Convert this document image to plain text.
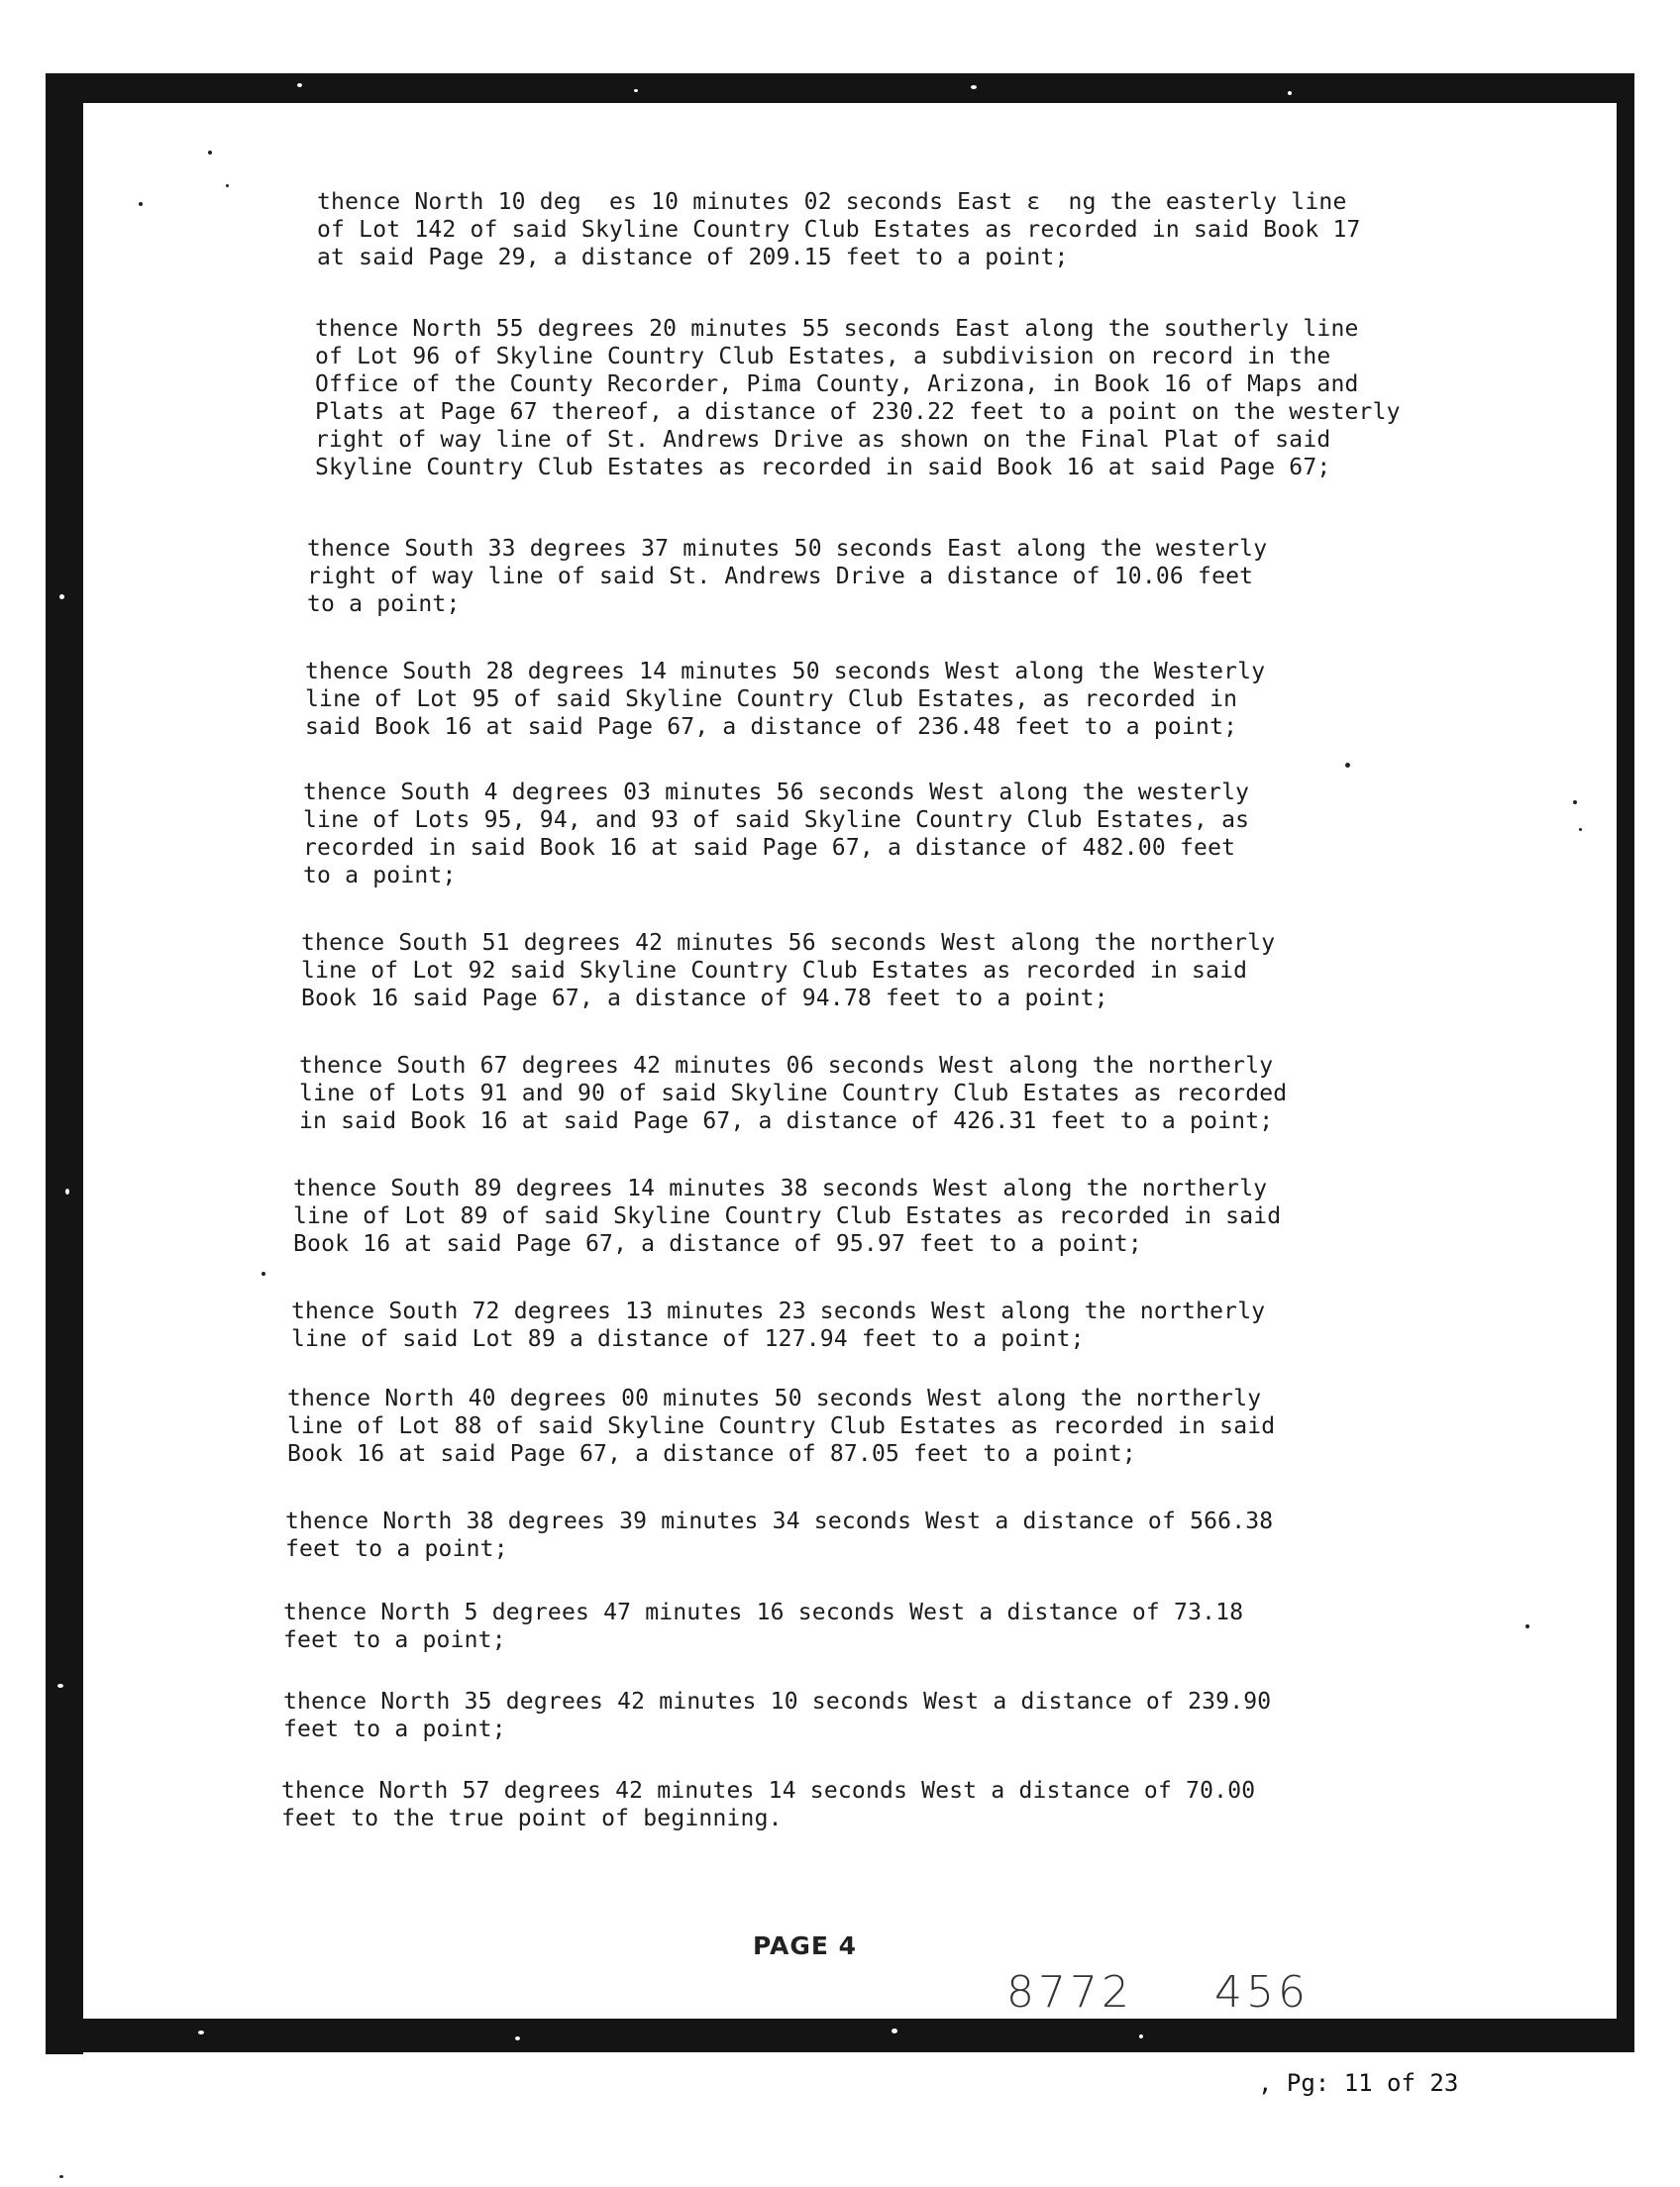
thence North 10 deg  es 10 minutes 02 seconds East ɛ  ng the easterly line
of Lot 142 of said Skyline Country Club Estates as recorded in said Book 17
at said Page 29, a distance of 209.15 feet to a point;
thence North 55 degrees 20 minutes 55 seconds East along the southerly line
of Lot 96 of Skyline Country Club Estates, a subdivision on record in the
Office of the County Recorder, Pima County, Arizona, in Book 16 of Maps and
Plats at Page 67 thereof, a distance of 230.22 feet to a point on the westerly
right of way line of St. Andrews Drive as shown on the Final Plat of said
Skyline Country Club Estates as recorded in said Book 16 at said Page 67;
thence South 33 degrees 37 minutes 50 seconds East along the westerly
right of way line of said St. Andrews Drive a distance of 10.06 feet
to a point;
thence South 28 degrees 14 minutes 50 seconds West along the Westerly
line of Lot 95 of said Skyline Country Club Estates, as recorded in
said Book 16 at said Page 67, a distance of 236.48 feet to a point;
thence South 4 degrees 03 minutes 56 seconds West along the westerly
line of Lots 95, 94, and 93 of said Skyline Country Club Estates, as
recorded in said Book 16 at said Page 67, a distance of 482.00 feet
to a point;
thence South 51 degrees 42 minutes 56 seconds West along the northerly
line of Lot 92 said Skyline Country Club Estates as recorded in said
Book 16 said Page 67, a distance of 94.78 feet to a point;
thence South 67 degrees 42 minutes 06 seconds West along the northerly
line of Lots 91 and 90 of said Skyline Country Club Estates as recorded
in said Book 16 at said Page 67, a distance of 426.31 feet to a point;
thence South 89 degrees 14 minutes 38 seconds West along the northerly
line of Lot 89 of said Skyline Country Club Estates as recorded in said
Book 16 at said Page 67, a distance of 95.97 feet to a point;
thence South 72 degrees 13 minutes 23 seconds West along the northerly
line of said Lot 89 a distance of 127.94 feet to a point;
thence North 40 degrees 00 minutes 50 seconds West along the northerly
line of Lot 88 of said Skyline Country Club Estates as recorded in said
Book 16 at said Page 67, a distance of 87.05 feet to a point;
thence North 38 degrees 39 minutes 34 seconds West a distance of 566.38
feet to a point;
thence North 5 degrees 47 minutes 16 seconds West a distance of 73.18
feet to a point;
thence North 35 degrees 42 minutes 10 seconds West a distance of 239.90
feet to a point;
thence North 57 degrees 42 minutes 14 seconds West a distance of 70.00
feet to the true point of beginning.
PAGE 4
8772 456
, Pg: 11 of 23
